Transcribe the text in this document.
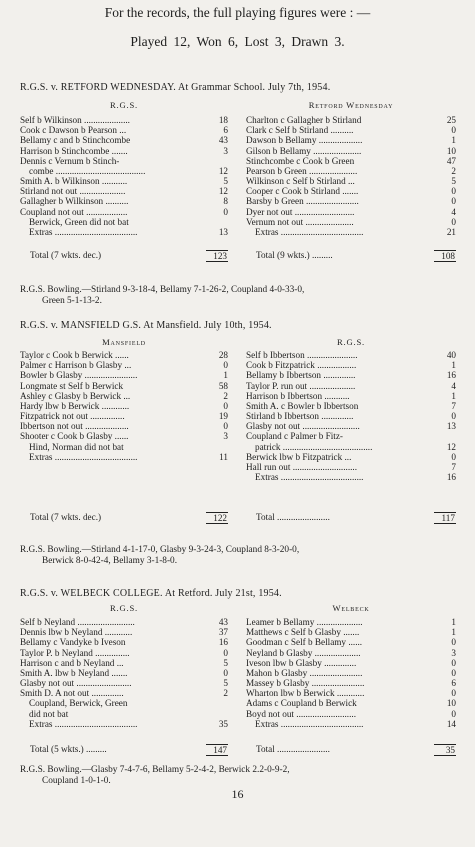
For the records, the full playing figures were : —
Played 12, Won 6, Lost 3, Drawn 3.
R.G.S. v. RETFORD WEDNESDAY. At Grammar School. July 7th, 1954.
R.G.S.
Self b Wilkinson ....................	18
Cook c Dawson b Pearson ...	6
Bellamy c and b Stinchcombe	43
Harrison b Stinchcombe .......	3
Dennis c Vernum b Stinch-
combe .......................................	12
Smith A. b Wilkinson ...........	5
Stirland not out ....................	12
Gallagher b Wilkinson ..........	8
Coupland not out ..................	0
Berwick, Green did not bat
Extras ....................................	13
Total (7 wkts. dec.)	123
Retford Wednesday
Charlton c Gallagher b Stirland	25
Clark c Self b Stirland ..........	0
Dawson b Bellamy ...................	1
Gilson b Bellamy .....................	10
Stinchcombe c Cook b Green	47
Pearson b Green .....................	2
Wilkinson c Self b Stirland ...	5
Cooper c Cook b Stirland .......	0
Barsby b Green .......................	0
Dyer not out ..........................	4
Vernum not out .....................	0
Extras ....................................	21
Total (9 wkts.) .........	108
R.G.S. Bowling.—Stirland 9-3-18-4, Bellamy 7-1-26-2, Coupland 4-0-33-0,
Green 5-1-13-2.
R.G.S. v. MANSFIELD G.S. At Mansfield. July 10th, 1954.
Mansfield
Taylor c Cook b Berwick ......	28
Palmer c Harrison b Glasby ...	0
Bowler b Glasby .......................	1
Longmate st Self b Berwick	58
Ashley c Glasby b Berwick ...	2
Hardy lbw b Berwick ............	0
Fitzpatrick not out ...............	19
Ibbertson not out ...................	0
Shooter c Cook b Glasby ......	3
Hind, Norman did not bat
Extras ....................................	11
Total (7 wkts. dec.)	122
R.G.S.
Self b Ibbertson ......................	40
Cook b Fitzpatrick .................	1
Bellamy b Ibbertson ..............	16
Taylor P. run out ....................	4
Harrison b Ibbertson ...........	1
Smith A. c Bowler b Ibbertson	7
Stirland b Ibbertson ..............	0
Glasby not out .........................	13
Coupland c Palmer b Fitz-
patrick .......................................	12
Berwick lbw b Fitzpatrick ...	0
Hall run out ............................	7
Extras ....................................	16
Total .......................	117
R.G.S. Bowling.—Stirland 4-1-17-0, Glasby 9-3-24-3, Coupland 8-3-20-0,
Berwick 8-0-42-4, Bellamy 3-1-8-0.
R.G.S. v. WELBECK COLLEGE. At Retford. July 21st, 1954.
R.G.S.
Self b Neyland .........................	43
Dennis lbw b Neyland ............	37
Bellamy c Vandyke b Iveson	16
Taylor P. b Neyland ...............	0
Harrison c and b Neyland ...	5
Smith A. lbw b Neyland .......	0
Glasby not out ........................	5
Smith D. A not out ..............	2
Coupland, Berwick, Green
did not bat
Extras ....................................	35
Total (5 wkts.) .........	147
Welbeck
Leamer b Bellamy ....................	1
Matthews c Self b Glasby .......	1
Goodman c Self b Bellamy ......	0
Neyland b Glasby ....................	3
Iveson lbw b Glasby ..............	0
Mahon b Glasby .......................	0
Massey b Glasby .......................	6
Wharton lbw b Berwick ............	0
Adams c Coupland b Berwick	10
Boyd not out ..........................	0
Extras ....................................	14
Total .......................	35
R.G.S. Bowling.—Glasby 7-4-7-6, Bellamy 5-2-4-2, Berwick 2.2-0-9-2,
Coupland 1-0-1-0.
16
